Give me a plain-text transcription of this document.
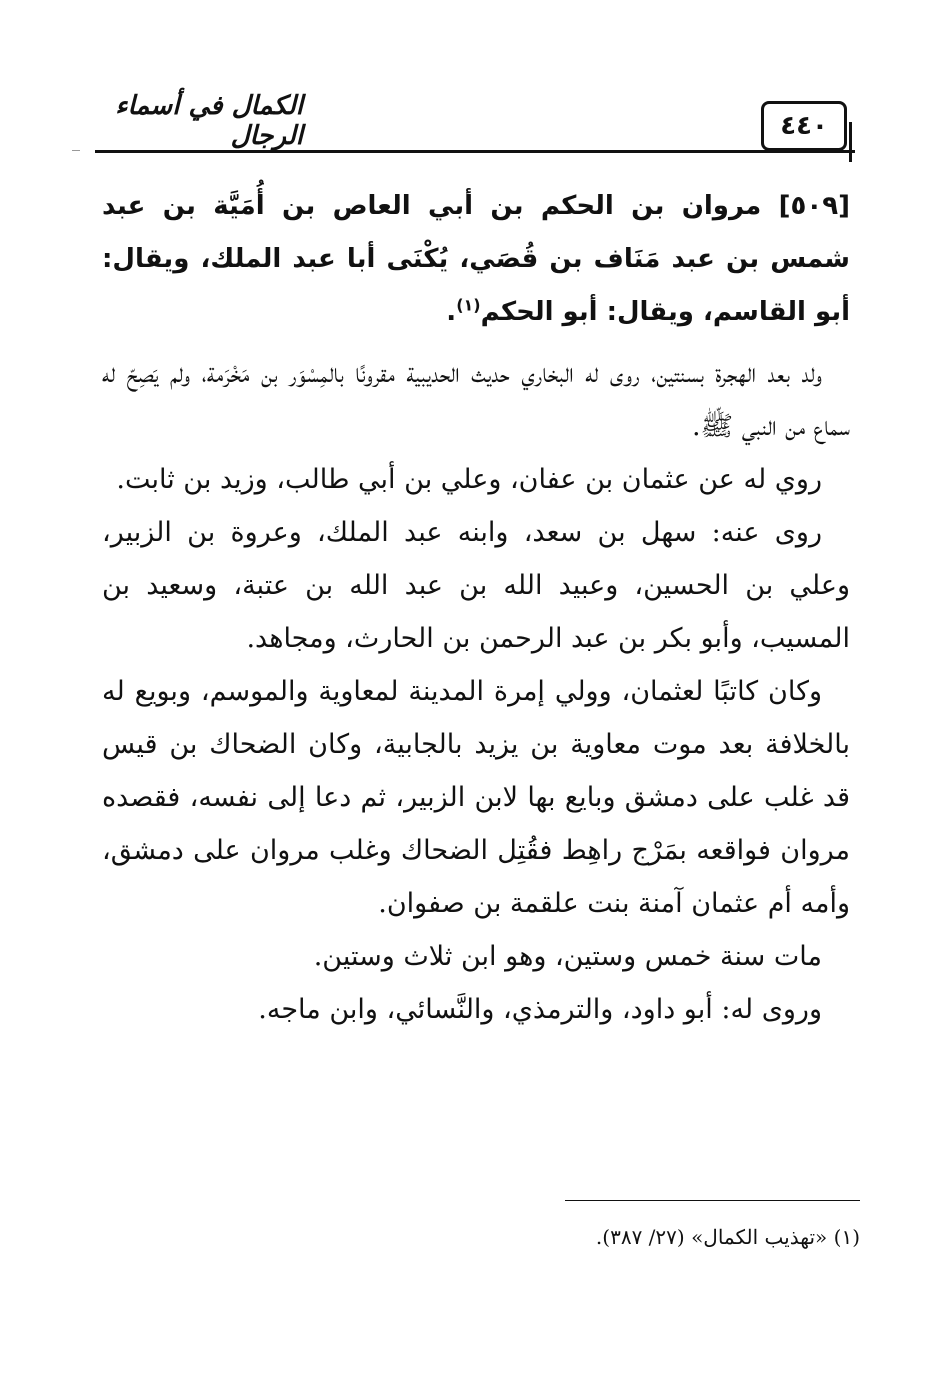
الكمال في أسماء الرجال	٤٤٠

[٥٠٩] مروان بن الحكم بن أبي العاص بن أُمَيَّة بن عبد شمس بن عبد مَنَاف بن قُصَي، يُكْنَى أبا عبد الملك، ويقال: أبو القاسم، ويقال: أبو الحكم$^{(١)}$.

ولد بعد الهجرة بسنتين، روى له البخاري حديث الحديبية مقرونًا بالمِسْوَر بن مَخْرَمة، ولم يَصِحّ له سماع من النبي ﷺ.

روي له عن عثمان بن عفان، وعلي بن أبي طالب، وزيد بن ثابت.

روى عنه: سهل بن سعد، وابنه عبد الملك، وعروة بن الزبير، وعلي بن الحسين، وعبيد الله بن عبد الله بن عتبة، وسعيد بن المسيب، وأبو بكر بن عبد الرحمن بن الحارث، ومجاهد.

وكان كاتبًا لعثمان، وولي إمرة المدينة لمعاوية والموسم، وبويع له بالخلافة بعد موت معاوية بن يزيد بالجابية، وكان الضحاك بن قيس قد غلب على دمشق وبايع بها لابن الزبير، ثم دعا إلى نفسه، فقصده مروان فواقعه بمَرْج راهِط فقُتِل الضحاك وغلب مروان على دمشق، وأمه أم عثمان آمنة بنت علقمة بن صفوان.

مات سنة خمس وستين، وهو ابن ثلاث وستين.

وروى له: أبو داود، والترمذي، والنَّسائي، وابن ماجه.

(١) «تهذيب الكمال» (٢٧/ ٣٨٧).
